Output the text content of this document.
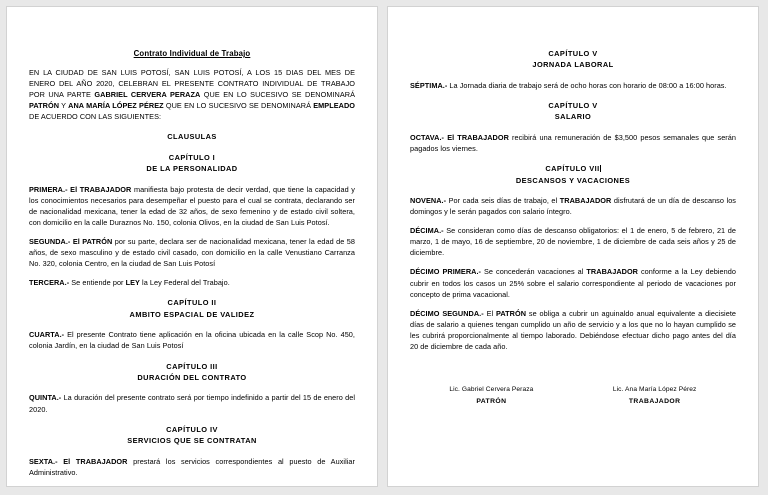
Contrato Individual de Trabajo

EN LA CIUDAD DE SAN LUIS POTOSÍ, SAN LUIS POTOSÍ, A LOS 15 DIAS DEL MES DE ENERO DEL AÑO 2020, CELEBRAN EL PRESENTE CONTRATO INDIVIDUAL DE TRABAJO POR UNA PARTE GABRIEL CERVERA PERAZA QUE EN LO SUCESIVO SE DENOMINARÁ PATRÓN Y ANA MARÍA LÓPEZ PÉREZ QUE EN LO SUCESIVO SE DENOMINARÁ EMPLEADO DE ACUERDO CON LAS SIGUIENTES:

CLAUSULAS
CAPÍTULO I
DE LA PERSONALIDAD

PRIMERA.- El TRABAJADOR manifiesta bajo protesta de decir verdad, que tiene la capacidad y los conocimientos necesarios para desempeñar el puesto para el cual se contrata, declarando ser de nacionalidad mexicana, tener la edad de 32 años, de sexo femenino y de estado civil soltera, con domicilio en la calle Duraznos No. 150, colonia Olivos, en la ciudad de San Luis Potosí.

SEGUNDA.- El PATRÓN por su parte, declara ser de nacionalidad mexicana, tener la edad de 58 años, de sexo masculino y de estado civil casado, con domicilio en la calle Venustiano Carranza No. 320, colonia Centro, en la ciudad de San Luis Potosí

TERCERA.- Se entiende por LEY la Ley Federal del Trabajo.

CAPÍTULO II
AMBITO ESPACIAL DE VALIDEZ

CUARTA.- El presente Contrato tiene aplicación en la oficina ubicada en la calle Scop No. 450, colonia Jardín, en la ciudad de San Luis Potosí

CAPÍTULO III
DURACIÓN DEL CONTRATO

QUINTA.- La duración del presente contrato será por tiempo indefinido a partir del 15 de enero del 2020.

CAPÍTULO IV
SERVICIOS QUE SE CONTRATAN

SEXTA.- El TRABAJADOR prestará los servicios correspondientes al puesto de Auxiliar Administrativo.

CAPÍTULO V
JORNADA LABORAL

SÉPTIMA.- La Jornada diaria de trabajo será de ocho horas con horario de 08:00 a 16:00 horas.

CAPÍTULO V
SALARIO

OCTAVA.- El TRABAJADOR recibirá una remuneración de $3,500 pesos semanales que serán pagados los viernes.

CAPÍTULO VII
DESCANSOS Y VACACIONES

NOVENA.- Por cada seis días de trabajo, el TRABAJADOR disfrutará de un día de descanso los domingos y le serán pagados con salario íntegro.

DÉCIMA.- Se consideran como días de descanso obligatorios: el 1 de enero, 5 de febrero, 21 de marzo, 1 de mayo, 16 de septiembre, 20 de noviembre, 1 de diciembre de cada seis años y 25 de diciembre.

DÉCIMO PRIMERA.- Se concederán vacaciones al TRABAJADOR conforme a la Ley debiendo cubrir en todos los casos un 25% sobre el salario correspondiente al periodo de vacaciones por concepto de prima vacacional.

DÉCIMO SEGUNDA.- El PATRÓN se obliga a cubrir un aguinaldo anual equivalente a diecisiete días de salario a quienes tengan cumplido un año de servicio y a los que no lo hayan cumplido se les cubrirá proporcionalmente al tiempo laborado. Debiéndose efectuar dicho pago antes del día 20 de diciembre de cada año.

Lic. Gabriel Cervera Peraza

PATRÓN

Lic. Ana María López Pérez

TRABAJADOR
